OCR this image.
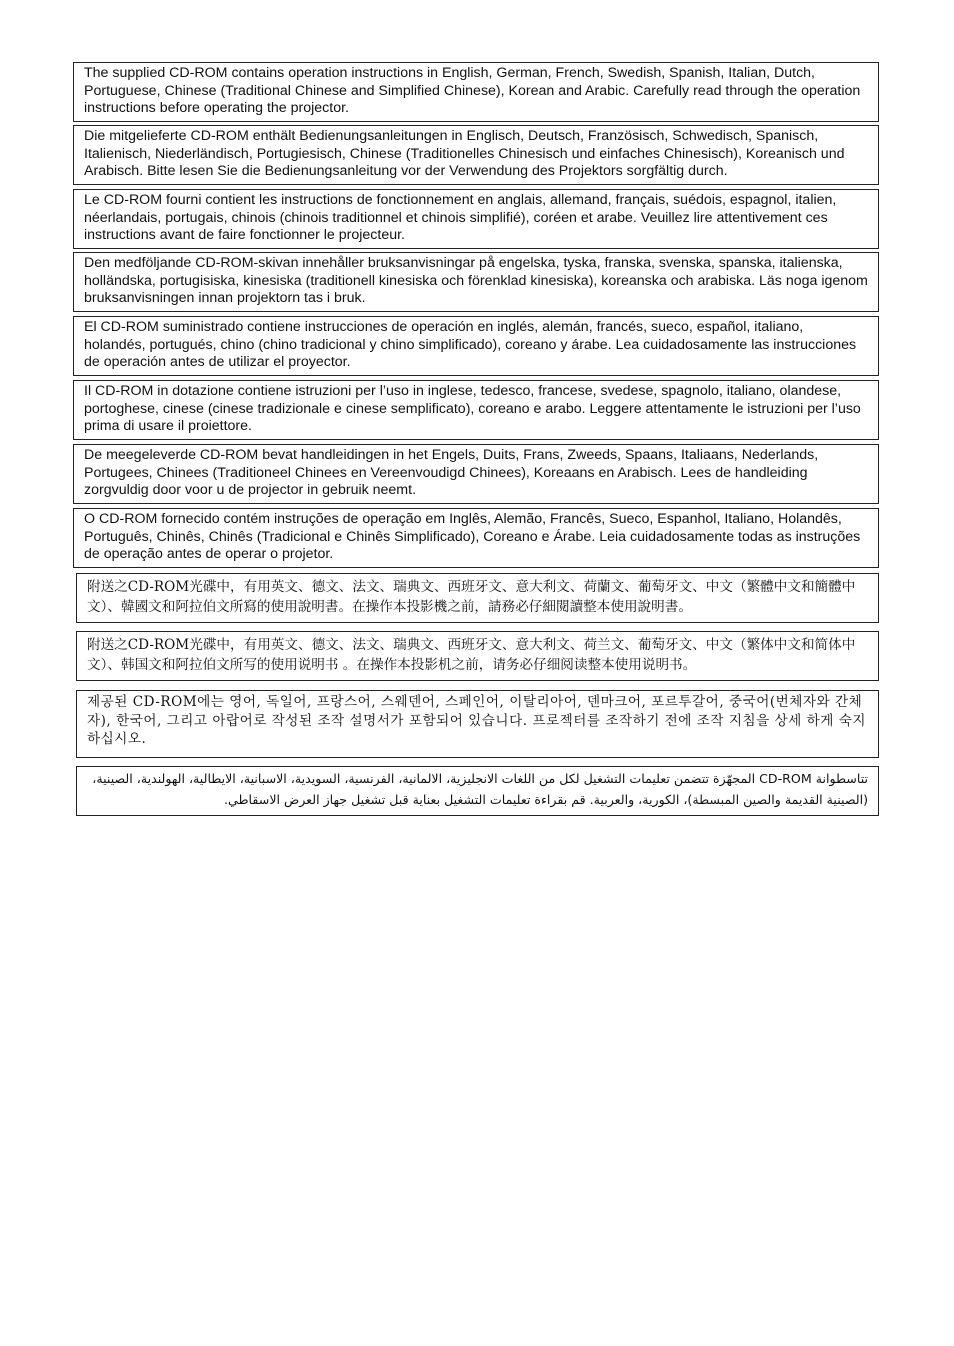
The supplied CD-ROM contains operation instructions in English, German, French, Swedish, Spanish, Italian, Dutch, Portuguese, Chinese (Traditional Chinese and Simplified Chinese), Korean and Arabic. Carefully read through the operation instructions before operating the projector.
Die mitgelieferte CD-ROM enthält Bedienungsanleitungen in Englisch, Deutsch, Französisch, Schwedisch, Spanisch, Italienisch, Niederländisch, Portugiesisch, Chinese (Traditionelles Chinesisch und einfaches Chinesisch), Koreanisch und Arabisch. Bitte lesen Sie die Bedienungsanleitung vor der Verwendung des Projektors sorgfältig durch.
Le CD-ROM fourni contient les instructions de fonctionnement en anglais, allemand, français, suédois, espagnol, italien, néerlandais, portugais, chinois (chinois traditionnel et chinois simplifié), coréen et arabe. Veuillez lire attentivement ces instructions avant de faire fonctionner le projecteur.
Den medföljande CD-ROM-skivan innehåller bruksanvisningar på engelska, tyska, franska, svenska, spanska, italienska, holländska, portugisiska, kinesiska (traditionell kinesiska och förenklad kinesiska), koreanska och arabiska. Läs noga igenom bruksanvisningen innan projektorn tas i bruk.
El CD-ROM suministrado contiene instrucciones de operación en inglés, alemán, francés, sueco, español, italiano, holandés, portugués, chino (chino tradicional y chino simplificado), coreano y árabe. Lea cuidadosamente las instrucciones de operación antes de utilizar el proyector.
Il CD-ROM in dotazione contiene istruzioni per l’uso in inglese, tedesco, francese, svedese, spagnolo, italiano, olandese, portoghese, cinese (cinese tradizionale e cinese semplificato), coreano e arabo. Leggere attentamente le istruzioni per l’uso prima di usare il proiettore.
De meegeleverde CD-ROM bevat handleidingen in het Engels, Duits, Frans, Zweeds, Spaans, Italiaans, Nederlands, Portugees, Chinees (Traditioneel Chinees en Vereenvoudigd Chinees), Koreaans en Arabisch. Lees de handleiding zorgvuldig door voor u de projector in gebruik neemt.
O CD-ROM fornecido contém instruções de operação em Inglês, Alemão, Francês, Sueco, Espanhol, Italiano, Holandês, Português, Chinês, Chinês (Tradicional e Chinês Simplificado), Coreano e Árabe. Leia cuidadosamente todas as instruções de operação antes de operar o projetor.
附送之CD-ROM光碟中，有用英文、德文、法文、瑞典文、西班牙文、意大利文、荷蘭文、葡萄牙文、中文（繁體中文和簡體中文）、韓國文和阿拉伯文所寫的使用說明書。在操作本投影機之前，請務必仔細閱讀整本使用說明書。
附送之CD-ROM光碟中，有用英文、德文、法文、瑞典文、西班牙文、意大利文、荷兰文、葡萄牙文、中文（繁体中文和简体中文）、韩国文和阿拉伯文所写的使用说明书 。在操作本投影机之前，请务必仔细阅读整本使用说明书。
제공된 CD-ROM에는 영어, 독일어, 프랑스어, 스웨덴어, 스페인어, 이탈리아어, 덴마크어, 포르투갈어, 중국어(번체자와 간체자), 한국어, 그리고 아랍어로 작성된 조작 설명서가 포함되어 있습니다. 프로젝터를 조작하기 전에 조작 지침을 상세 하게 숙지하십시오.
تتاسطوانة CD-ROM المجهّزة تتضمن تعليمات التشغيل لكل من اللغات الانجليزية، الالمانية، الفرنسية، السويدية، الاسبانية، الايطالية، الهولندية، الصينية، (الصينية القديمة والصين المبسطة)، الكورية، والعربية. قم بقراءة تعليمات التشغيل بعناية قبل تشغيل جهاز العرض الاسقاطي.
